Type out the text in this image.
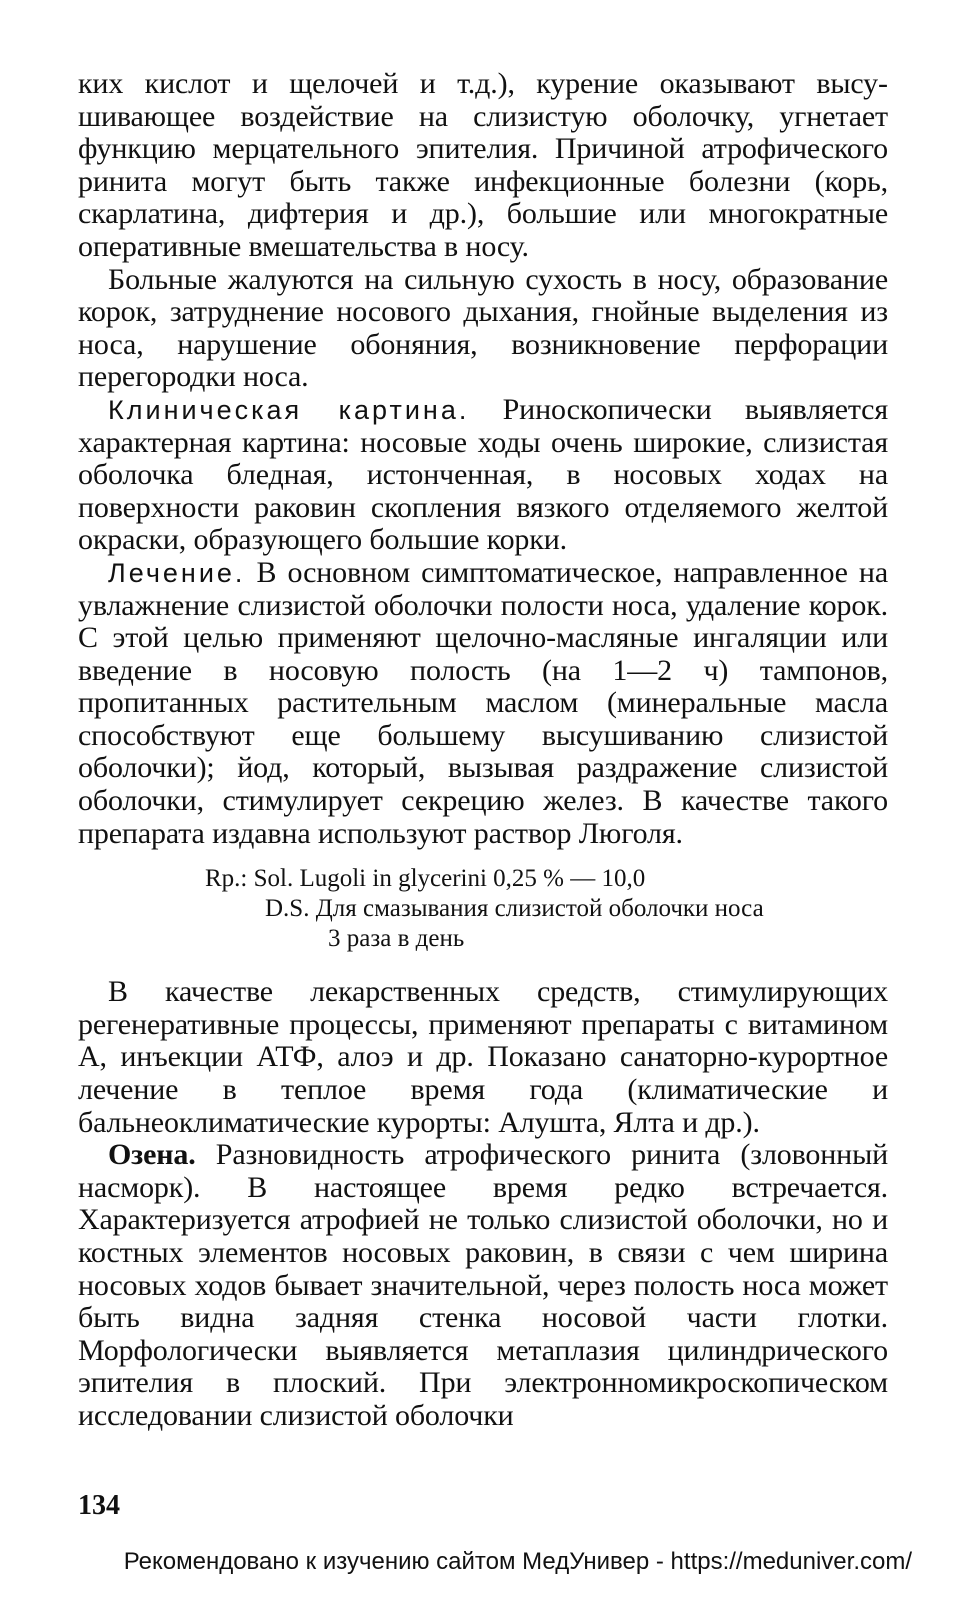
ких кислот и щелочей и т.д.), курение оказывают высушивающее воздействие на слизистую оболочку, угнетает функцию мерцательного эпителия. Причиной атрофического ринита могут быть также инфекционные болезни (корь, скарлатина, дифтерия и др.), большие или многократные оперативные вмешательства в носу.

Больные жалуются на сильную сухость в носу, образование корок, затруднение носового дыхания, гнойные выделения из носа, нарушение обоняния, возникновение перфорации перегородки носа.

Клиническая картина. Риноскопически выявляется характерная картина: носовые ходы очень широкие, слизистая оболочка бледная, истонченная, в носовых ходах на поверхности раковин скопления вязкого отделяемого желтой окраски, образующего большие корки.

Лечение. В основном симптоматическое, направленное на увлажнение слизистой оболочки полости носа, удаление корок. С этой целью применяют щелочно-масляные ингаляции или введение в носовую полость (на 1—2 ч) тампонов, пропитанных растительным маслом (минеральные масла способствуют еще большему высушиванию слизистой оболочки); йод, который, вызывая раздражение слизистой оболочки, стимулирует секрецию желез. В качестве такого препарата издавна используют раствор Люголя.

Rp.: Sol. Lugoli in glycerini 0,25 % — 10,0
D.S. Для смазывания слизистой оболочки носа
3 раза в день

В качестве лекарственных средств, стимулирующих регенеративные процессы, применяют препараты с витамином А, инъекции АТФ, алоэ и др. Показано санаторно-курортное лечение в теплое время года (климатические и бальнеоклиматические курорты: Алушта, Ялта и др.).

Озена. Разновидность атрофического ринита (зловонный насморк). В настоящее время редко встречается. Характеризуется атрофией не только слизистой оболочки, но и костных элементов носовых раковин, в связи с чем ширина носовых ходов бывает значительной, через полость носа может быть видна задняя стенка носовой части глотки. Морфологически выявляется метаплазия цилиндрического эпителия в плоский. При электронномикроскопическом исследовании слизистой оболочки

134
Рекомендовано к изучению сайтом МедУнивер - https://meduniver.com/
